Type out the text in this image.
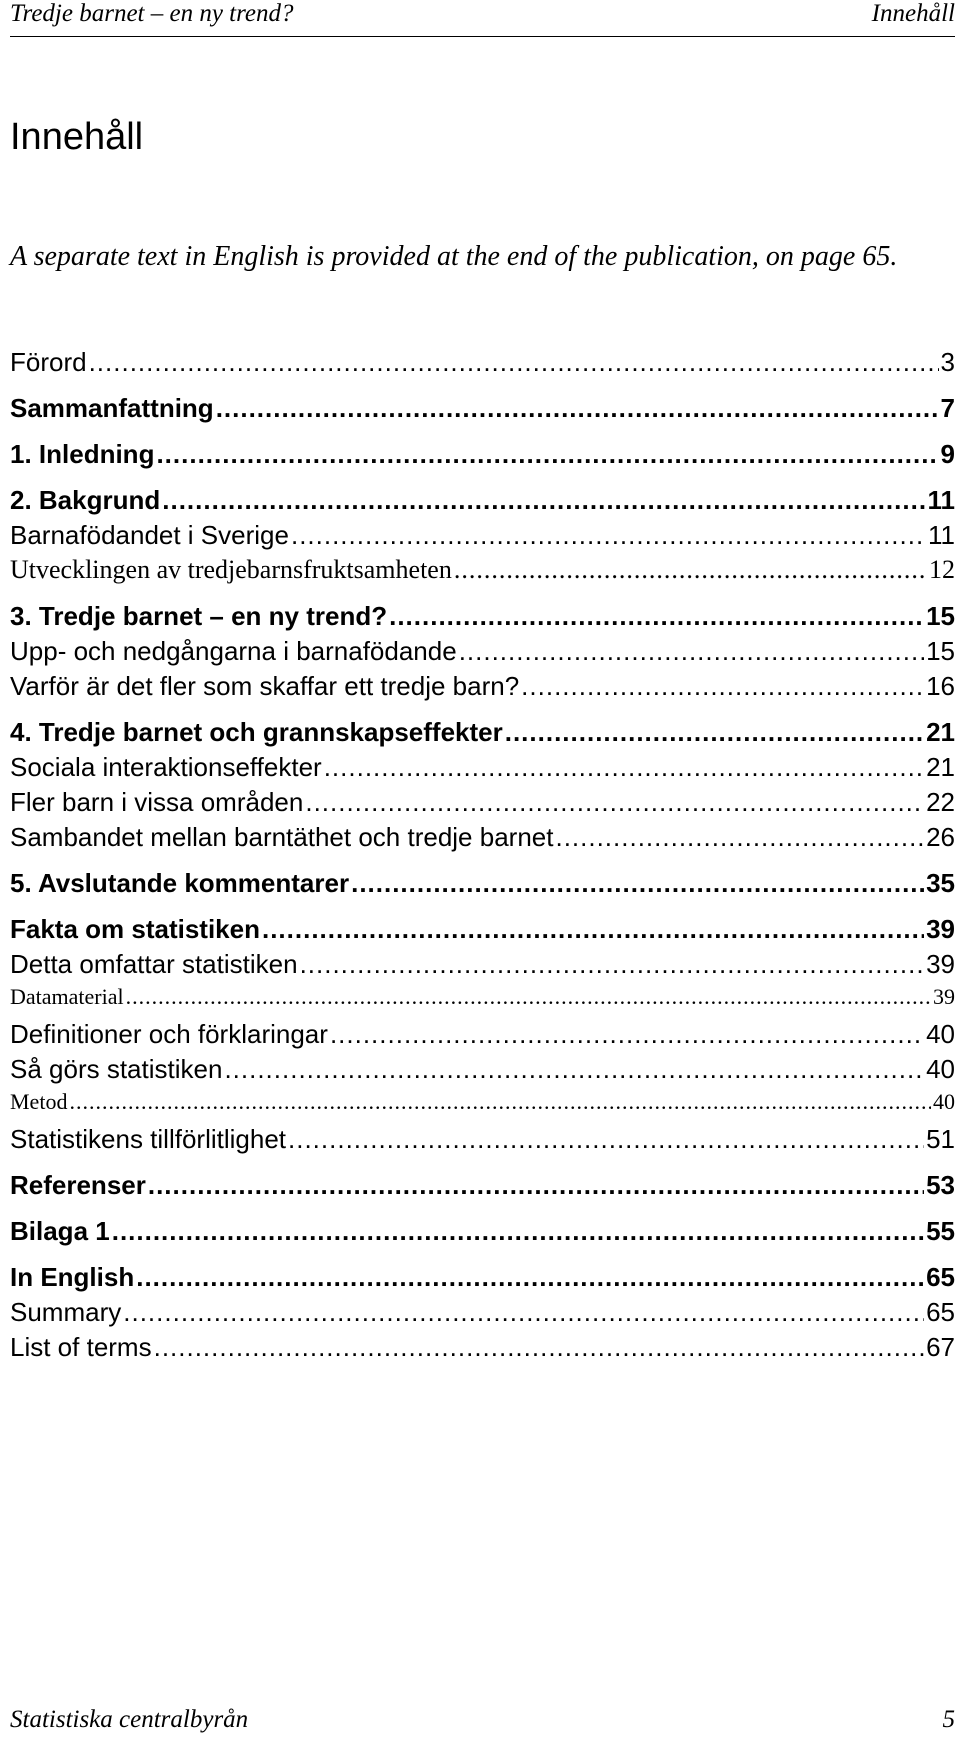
Tredje barnet – en ny trend?	Innehåll
Innehåll
A separate text in English is provided at the end of the publication, on page 65.
Förord .....	3
Sammanfattning .....	7
1. Inledning .....	9
2. Bakgrund .....	11
Barnafödandet i Sverige .....	11
Utvecklingen av tredjebarnsfruktsamheten .....	12
3. Tredje barnet – en ny trend? .....	15
Upp- och nedgångarna i barnafödande .....	15
Varför är det fler som skaffar ett tredje barn? .....	16
4. Tredje barnet och grannskapseffekter .....	21
Sociala interaktionseffekter .....	21
Fler barn i vissa områden .....	22
Sambandet mellan barntäthet och tredje barnet .....	26
5. Avslutande kommentarer .....	35
Fakta om statistiken .....	39
Detta omfattar statistiken .....	39
Datamaterial .....	39
Definitioner och förklaringar .....	40
Så görs statistiken .....	40
Metod .....	40
Statistikens tillförlitlighet .....	51
Referenser .....	53
Bilaga 1 .....	55
In English .....	65
Summary .....	65
List of terms .....	67
Statistiska centralbyrån	5
